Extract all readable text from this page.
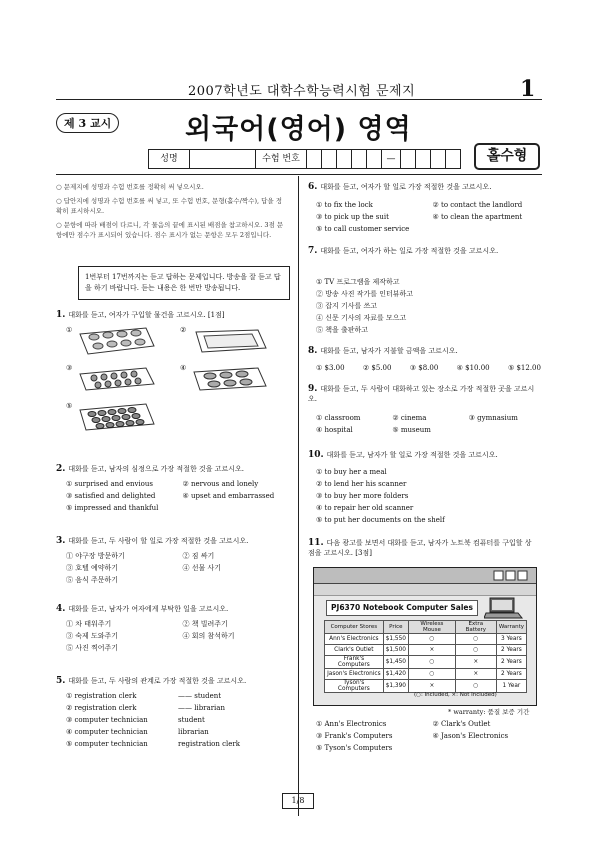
2007학년도 대학수학능력시험 문제지	1
제 3 교시	외국어(영어) 영역
성명	수험 번호	—	홀수형
○ 문제지에 성명과 수험 번호를 정확히 써 넣으시오.
○ 답안지에 성명과 수험 번호를 써 넣고, 또 수험 번호, 문형(홀수/짝수), 답을 정확히 표시하시오.
○ 문항에 따라 배점이 다르니, 각 물음의 끝에 표시된 배점을 참고하시오. 3점 문항에만 점수가 표시되어 있습니다. 점수 표시가 없는 문항은 모두 2점입니다.
1번부터 17번까지는 듣고 답하는 문제입니다. 방송을 잘 듣고 답을 하기 바랍니다. 듣는 내용은 한 번만 방송됩니다.
1. 대화를 듣고, 여자가 구입할 물건을 고르시오. [1점]
①	②
③	④
⑤
2. 대화를 듣고, 남자의 심정으로 가장 적절한 것을 고르시오.
① surprised and envious	② nervous and lonely
③ satisfied and delighted	④ upset and embarrassed
⑤ impressed and thankful
3. 대화를 듣고, 두 사람이 할 일로 가장 적절한 것을 고르시오.
① 야구장 방문하기	② 짐 싸기
③ 호텔 예약하기	④ 선물 사기
⑤ 음식 주문하기
4. 대화를 듣고, 남자가 여자에게 부탁한 일을 고르시오.
① 차 태워주기	② 책 빌려주기
③ 숙제 도와주기	④ 회의 참석하기
⑤ 사진 찍어주기
5. 대화를 듣고, 두 사람의 관계로 가장 적절한 것을 고르시오.
① registration clerk	—— student
② registration clerk	—— librarian
③ computer technician	student
④ computer technician	librarian
⑤ computer technician	registration clerk
6. 대화를 듣고, 여자가 할 일로 가장 적절한 것을 고르시오.
① to fix the lock	② to contact the landlord
③ to pick up the suit	④ to clean the apartment
⑤ to call customer service
7. 대화를 듣고, 여자가 하는 일로 가장 적절한 것을 고르시오.
① TV 프로그램을 제작하고
② 방송 사진 작가를 인터뷰하고
③ 잡지 기사를 쓰고
④ 신문 기사의 자료를 모으고
⑤ 책을 출판하고
8. 대화를 듣고, 남자가 지불할 금액을 고르시오.
① $3.00	② $5.00	③ $8.00	④ $10.00	⑤ $12.00
9. 대화를 듣고, 두 사람이 대화하고 있는 장소로 가장 적절한 곳을 고르시오.
① classroom	② cinema	③ gymnasium
④ hospital	⑤ museum
10. 대화를 듣고, 남자가 할 일로 가장 적절한 것을 고르시오.
① to buy her a meal
② to lend her his scanner
③ to buy her more folders
④ to repair her old scanner
⑤ to put her documents on the shelf
11. 다음 광고를 보면서 대화를 듣고, 남자가 노트북 컴퓨터를 구입할 상점을 고르시오. [3점]
PJ6370 Notebook Computer Sales
Computer Stores	Price	Wireless Mouse	Extra Battery	Warranty
Ann's Electronics	$1,550	○	○	3 Years
Clark's Outlet	$1,500	×	○	2 Years
Frank's Computers	$1,450	○	×	2 Years
Jason's Electronics	$1,420	○	×	2 Years
Tyson's Computers	$1,390	×	○	1 Year
(○: Included, ×: Not Included)
* warranty: 품질 보증 기간
① Ann's Electronics	② Clark's Outlet
③ Frank's Computers	④ Jason's Electronics
⑤ Tyson's Computers
1/8
